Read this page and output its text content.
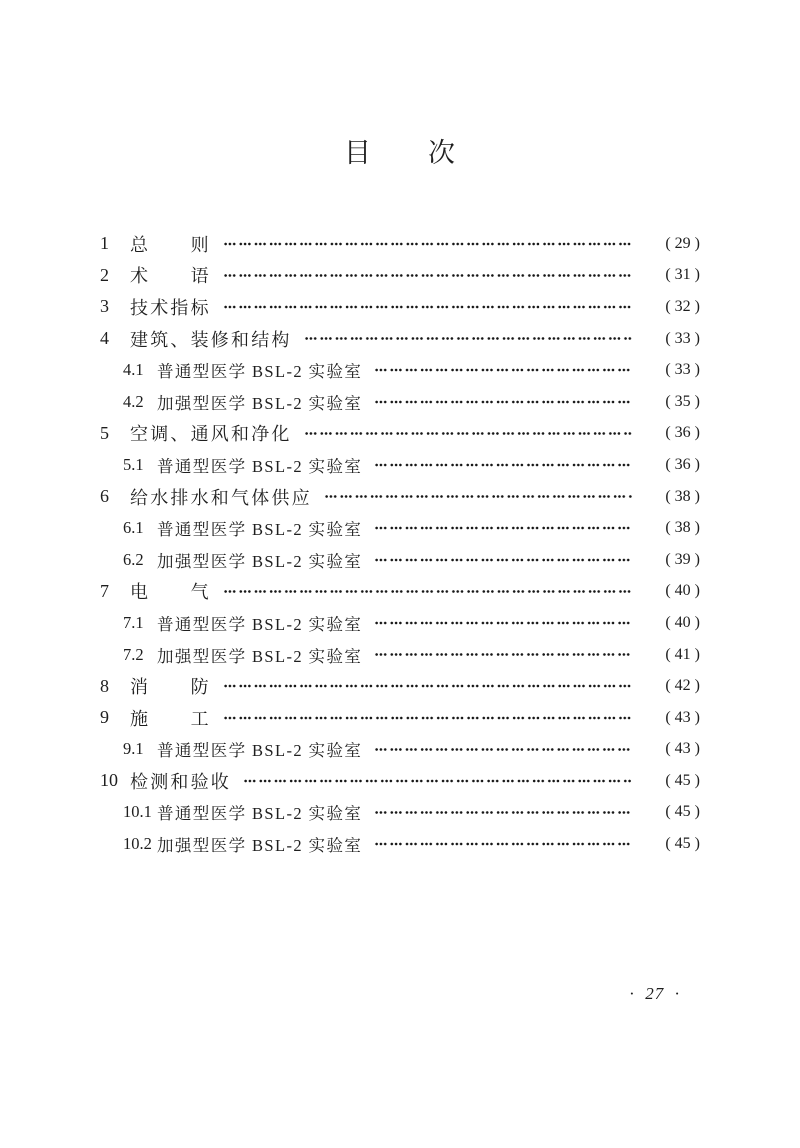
目　　次
1	总　　则	( 29 )
2	术　　语	( 31 )
3	技术指标	( 32 )
4	建筑、装修和结构	( 33 )
4.1 普通型医学 BSL-2 实验室	( 33 )
4.2 加强型医学 BSL-2 实验室	( 35 )
5	空调、通风和净化	( 36 )
5.1 普通型医学 BSL-2 实验室	( 36 )
6	给水排水和气体供应	( 38 )
6.1 普通型医学 BSL-2 实验室	( 38 )
6.2 加强型医学 BSL-2 实验室	( 39 )
7	电　　气	( 40 )
7.1 普通型医学 BSL-2 实验室	( 40 )
7.2 加强型医学 BSL-2 实验室	( 41 )
8	消　　防	( 42 )
9	施　　工	( 43 )
9.1 普通型医学 BSL-2 实验室	( 43 )
10 检测和验收	( 45 )
10.1 普通型医学 BSL-2 实验室	( 45 )
10.2 加强型医学 BSL-2 实验室	( 45 )
·  27  ·
